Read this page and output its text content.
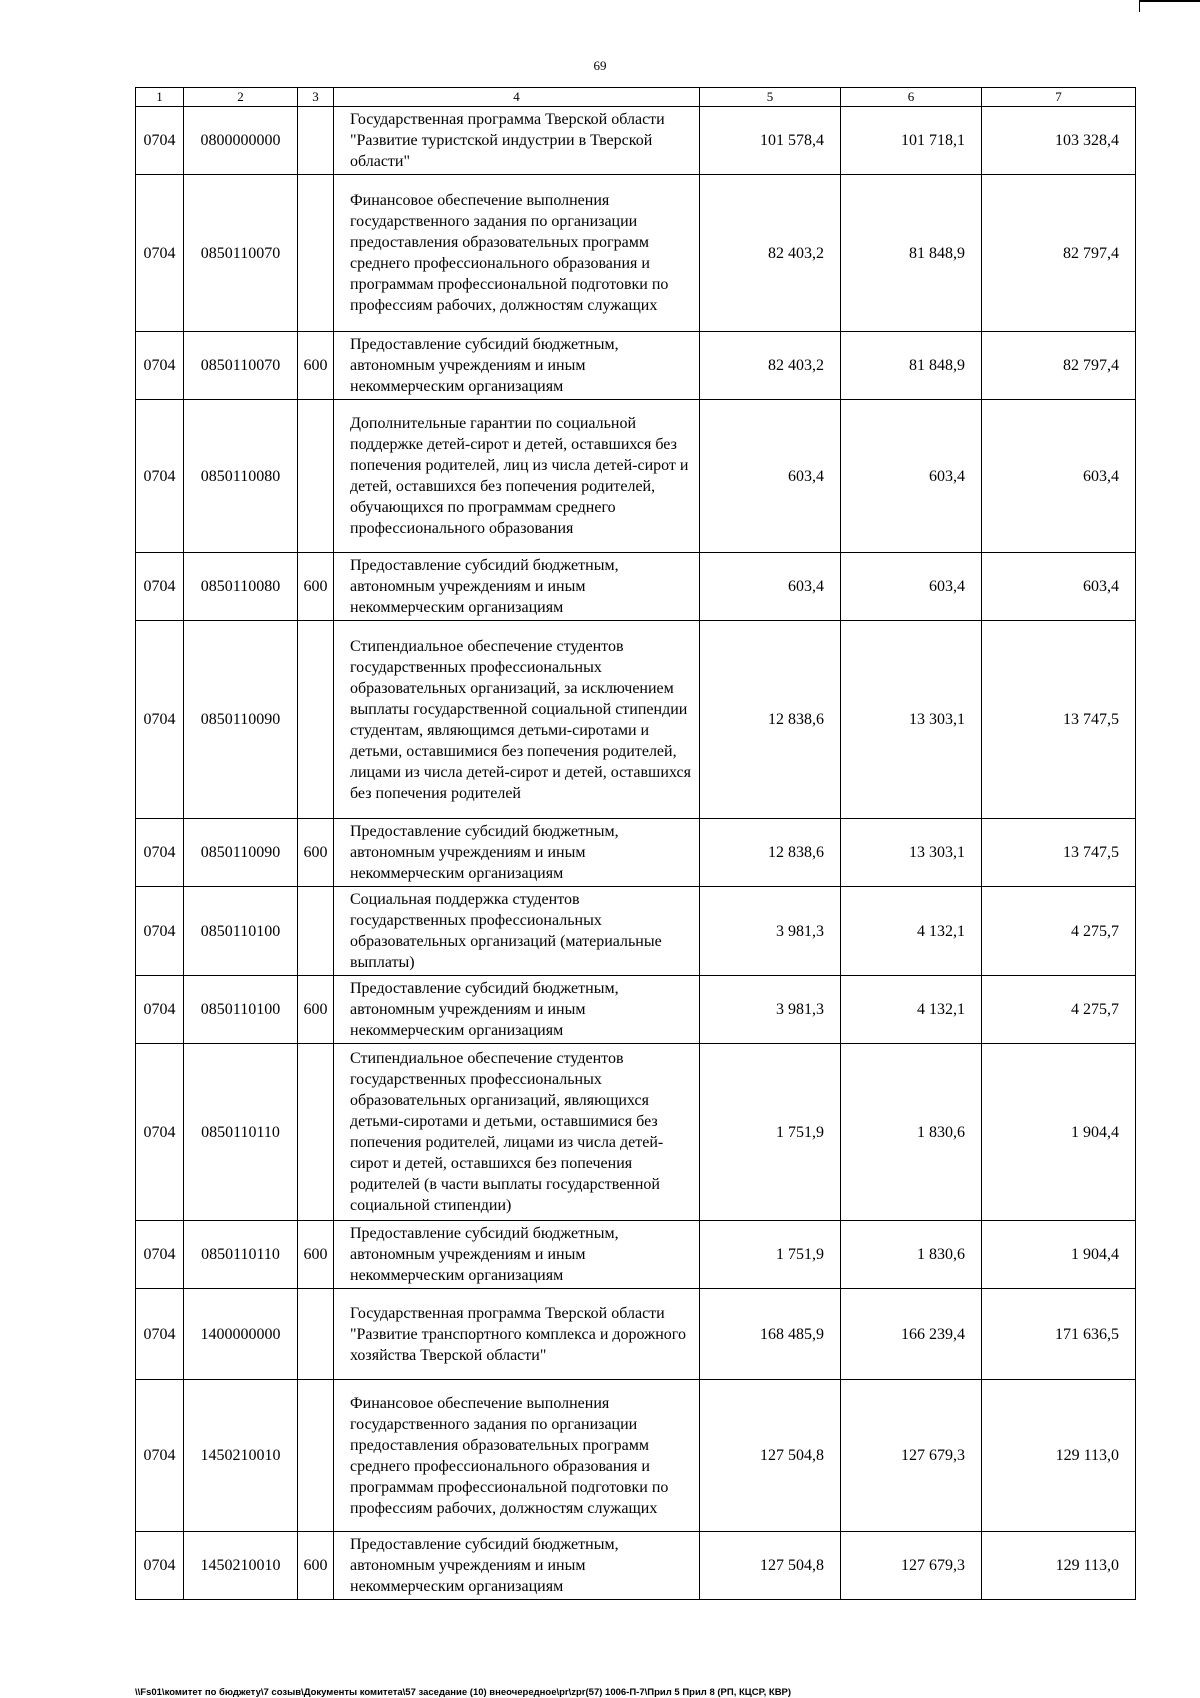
69
1	2	3	4	5	6	7
0704	0800000000		Государственная программа Тверской области "Развитие туристской индустрии в Тверской области"	101 578,4	101 718,1	103 328,4
0704	0850110070		Финансовое обеспечение выполнения государственного задания по организации предоставления образовательных программ среднего профессионального образования и программам профессиональной подготовки по профессиям рабочих, должностям служащих	82 403,2	81 848,9	82 797,4
0704	0850110070	600	Предоставление субсидий бюджетным, автономным учреждениям и иным некоммерческим организациям	82 403,2	81 848,9	82 797,4
0704	0850110080		Дополнительные гарантии по социальной поддержке детей-сирот и детей, оставшихся без попечения родителей, лиц из числа детей-сирот и детей, оставшихся без попечения родителей, обучающихся по программам среднего профессионального образования	603,4	603,4	603,4
0704	0850110080	600	Предоставление субсидий бюджетным, автономным учреждениям и иным некоммерческим организациям	603,4	603,4	603,4
0704	0850110090		Стипендиальное обеспечение студентов государственных профессиональных образовательных организаций, за исключением выплаты государственной социальной стипендии студентам, являющимся детьми-сиротами и детьми, оставшимися без попечения родителей, лицами из числа детей-сирот и детей, оставшихся без попечения родителей	12 838,6	13 303,1	13 747,5
0704	0850110090	600	Предоставление субсидий бюджетным, автономным учреждениям и иным некоммерческим организациям	12 838,6	13 303,1	13 747,5
0704	0850110100		Социальная поддержка студентов государственных профессиональных образовательных организаций (материальные выплаты)	3 981,3	4 132,1	4 275,7
0704	0850110100	600	Предоставление субсидий бюджетным, автономным учреждениям и иным некоммерческим организациям	3 981,3	4 132,1	4 275,7
0704	0850110110		Стипендиальное обеспечение студентов государственных профессиональных образовательных организаций, являющихся детьми-сиротами и детьми, оставшимися без попечения родителей, лицами из числа детей-сирот и детей, оставшихся без попечения родителей (в части выплаты государственной социальной стипендии)	1 751,9	1 830,6	1 904,4
0704	0850110110	600	Предоставление субсидий бюджетным, автономным учреждениям и иным некоммерческим организациям	1 751,9	1 830,6	1 904,4
0704	1400000000		Государственная программа Тверской области "Развитие транспортного комплекса и дорожного хозяйства Тверской области"	168 485,9	166 239,4	171 636,5
0704	1450210010		Финансовое обеспечение выполнения государственного задания по организации предоставления образовательных программ среднего профессионального образования и программам профессиональной подготовки по профессиям рабочих, должностям служащих	127 504,8	127 679,3	129 113,0
0704	1450210010	600	Предоставление субсидий бюджетным, автономным учреждениям и иным некоммерческим организациям	127 504,8	127 679,3	129 113,0
\\Fs01\комитет по бюджету\7 созыв\Документы комитета\57 заседание (10) внеочередное\pr\zpr(57) 1006-П-7\Прил 5 Прил 8 (РП, КЦСР, КВР)
